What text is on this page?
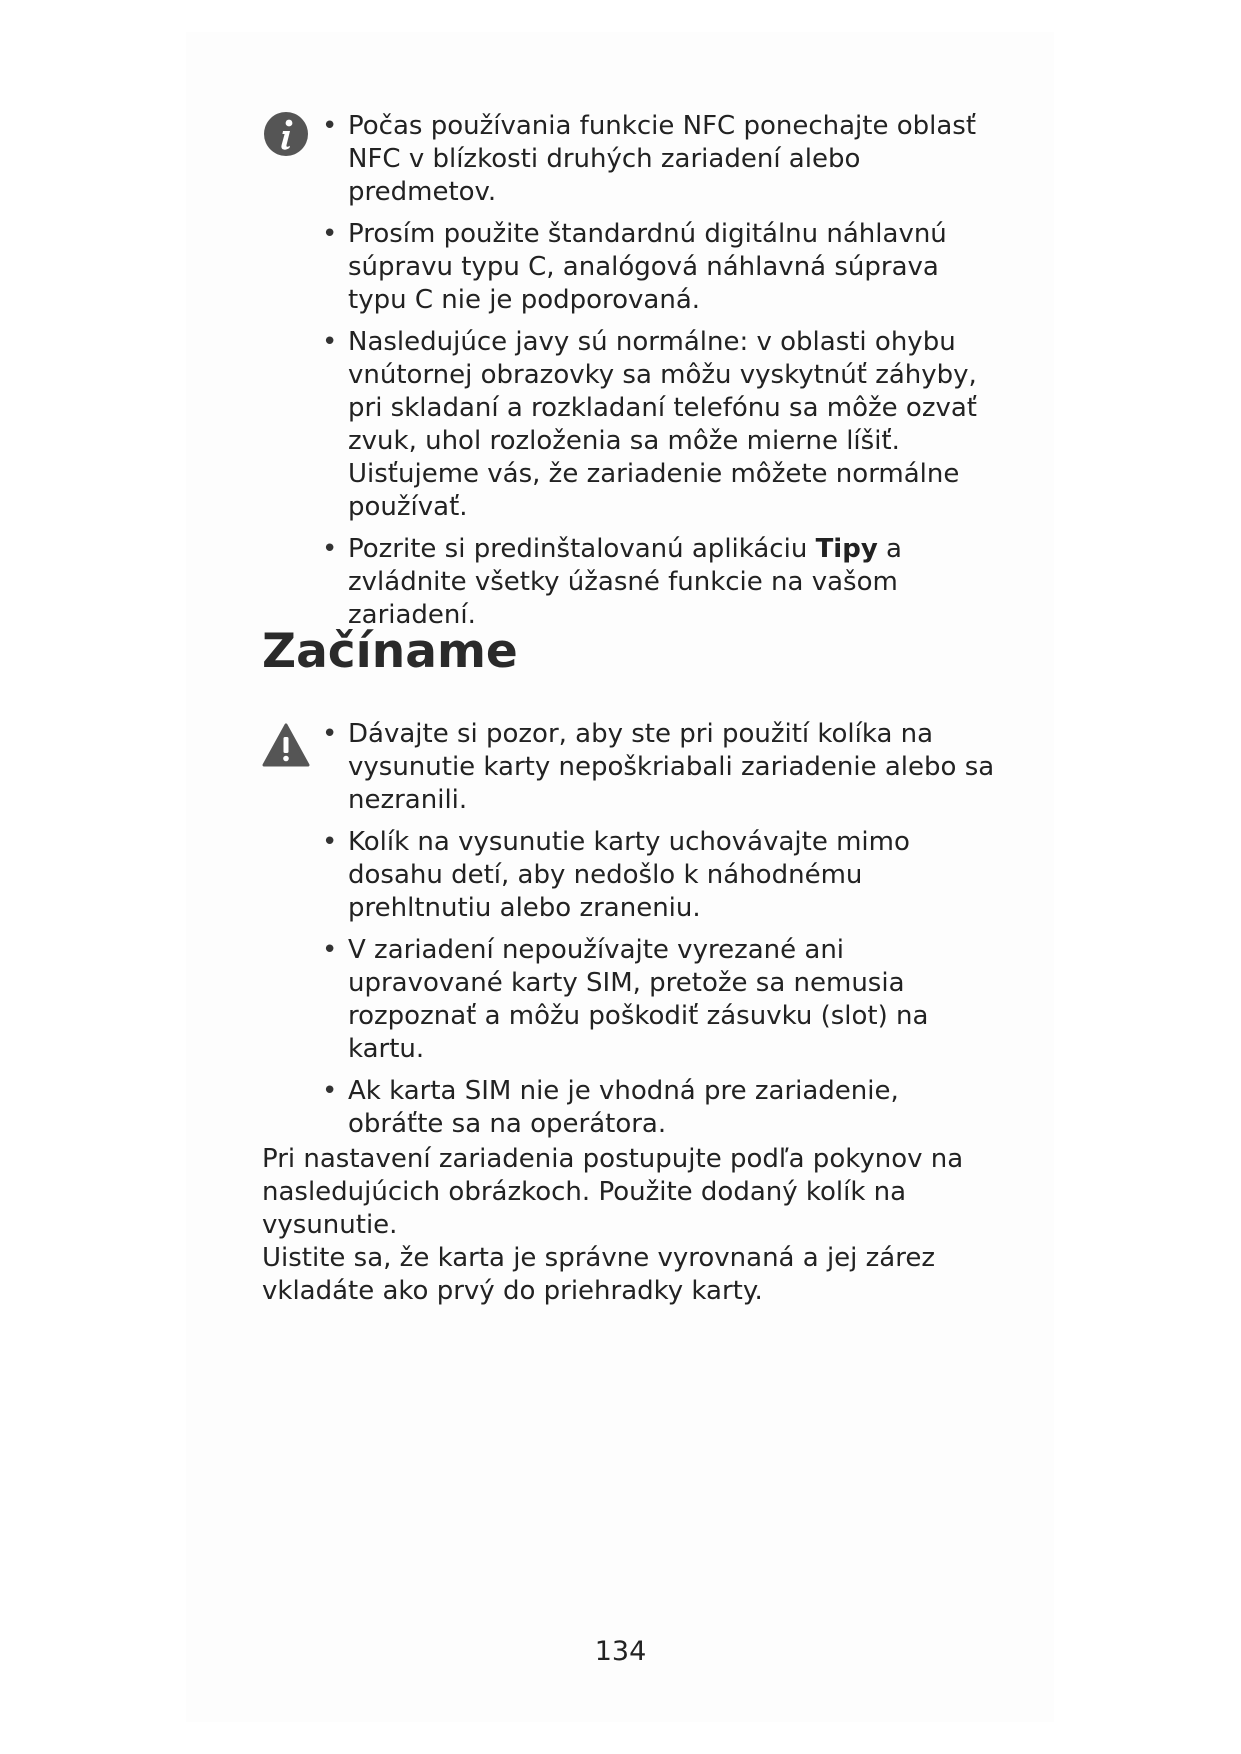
• Počas používania funkcie NFC ponechajte oblasť NFC v blízkosti druhých zariadení alebo predmetov.
• Prosím použite štandardnú digitálnu náhlavnú súpravu typu C, analógová náhlavná súprava typu C nie je podporovaná.
• Nasledujúce javy sú normálne: v oblasti ohybu vnútornej obrazovky sa môžu vyskytnúť záhyby, pri skladaní a rozkladaní telefónu sa môže ozvať zvuk, uhol rozloženia sa môže mierne líšiť. Uisťujeme vás, že zariadenie môžete normálne používať.
• Pozrite si predinštalovanú aplikáciu Tipy a zvládnite všetky úžasné funkcie na vašom zariadení.
Začíname
• Dávajte si pozor, aby ste pri použití kolíka na vysunutie karty nepoškriabali zariadenie alebo sa nezranili.
• Kolík na vysunutie karty uchovávajte mimo dosahu detí, aby nedošlo k náhodnému prehltnutiu alebo zraneniu.
• V zariadení nepoužívajte vyrezané ani upravované karty SIM, pretože sa nemusia rozpoznať a môžu poškodiť zásuvku (slot) na kartu.
• Ak karta SIM nie je vhodná pre zariadenie, obráťte sa na operátora.

Pri nastavení zariadenia postupujte podľa pokynov na nasledujúcich obrázkoch. Použite dodaný kolík na vysunutie.

Uistite sa, že karta je správne vyrovnaná a jej zárez vkladáte ako prvý do priehradky karty.

134
